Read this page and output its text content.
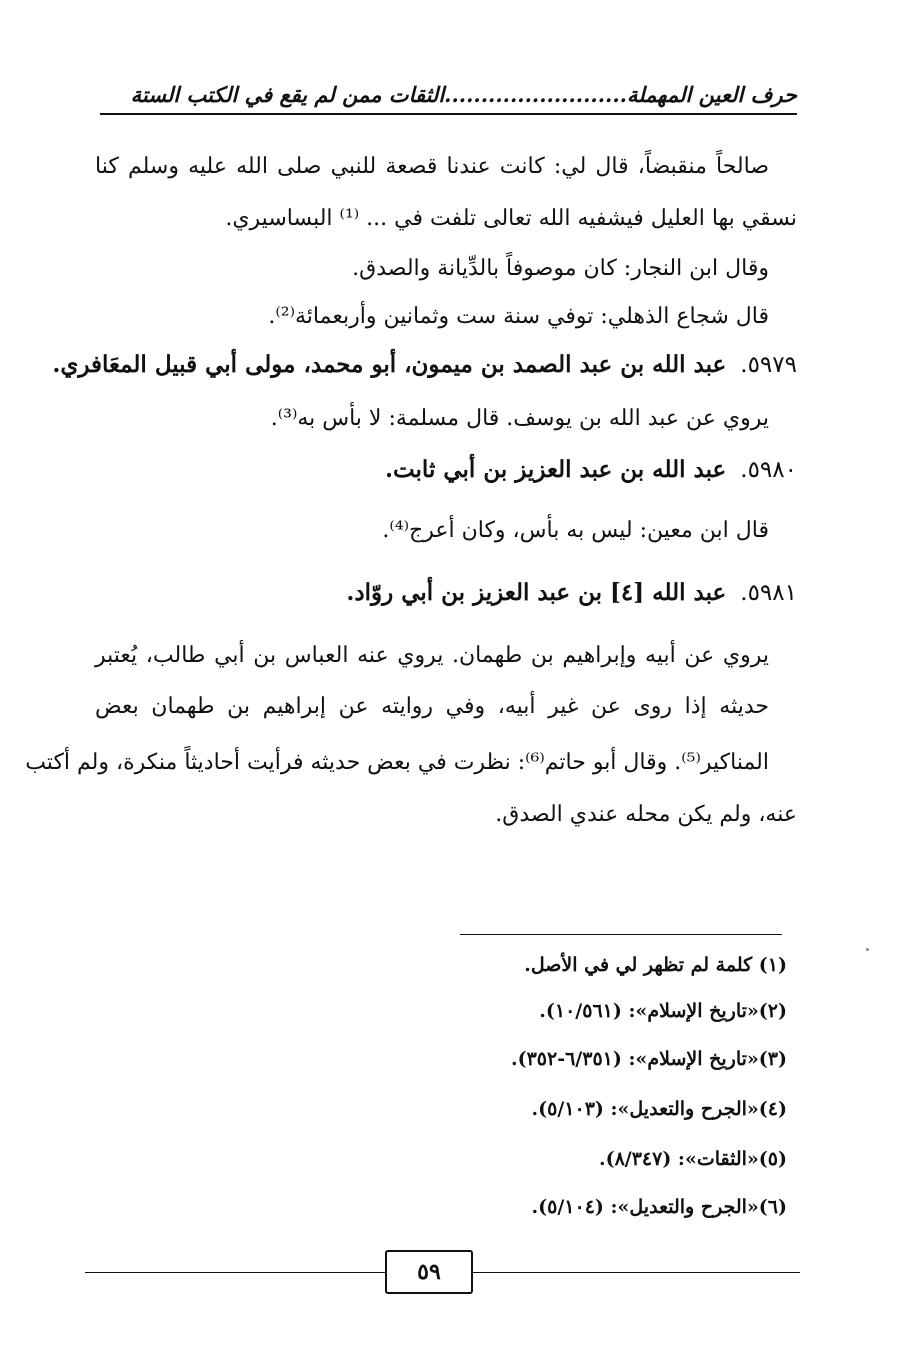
حرف العين المهملة.........................الثقات ممن لم يقع في الكتب الستة
صالحاً منقبضاً، قال لي: كانت عندنا قصعة للنبي صلى الله عليه وسلم كنا
نسقي بها العليل فيشفيه الله تعالى تلفت في ... ⁽¹⁾ البساسيري.
وقال ابن النجار: كان موصوفاً بالدِّيانة والصدق.
قال شجاع الذهلي: توفي سنة ست وثمانين وأربعمائة⁽²⁾.
٥٩٧٩.عبد الله بن عبد الصمد بن ميمون، أبو محمد، مولى أبي قبيل المعَافري.
يروي عن عبد الله بن يوسف. قال مسلمة: لا بأس به⁽³⁾.
٥٩٨٠.عبد الله بن عبد العزيز بن أبي ثابت.
قال ابن معين: ليس به بأس، وكان أعرج⁽⁴⁾.
٥٩٨١.عبد الله [٤] بن عبد العزيز بن أبي روّاد.
يروي عن أبيه وإبراهيم بن طهمان. يروي عنه العباس بن أبي طالب، يُعتبر
حديثه إذا روى عن غير أبيه، وفي روايته عن إبراهيم بن طهمان بعض
المناكير⁽⁵⁾. وقال أبو حاتم⁽⁶⁾: نظرت في بعض حديثه فرأيت أحاديثاً منكرة، ولم أكتب
عنه، ولم يكن محله عندي الصدق.
(١) كلمة لم تظهر لي في الأصل.
(٢)«تاريخ الإسلام»: (١٠/٥٦١).
(٣)«تاريخ الإسلام»: (٦/٣٥١-٣٥٢).
(٤)«الجرح والتعديل»: (٥/١٠٣).
(٥)«الثقات»: (٨/٣٤٧).
(٦)«الجرح والتعديل»: (٥/١٠٤).
٥٩
